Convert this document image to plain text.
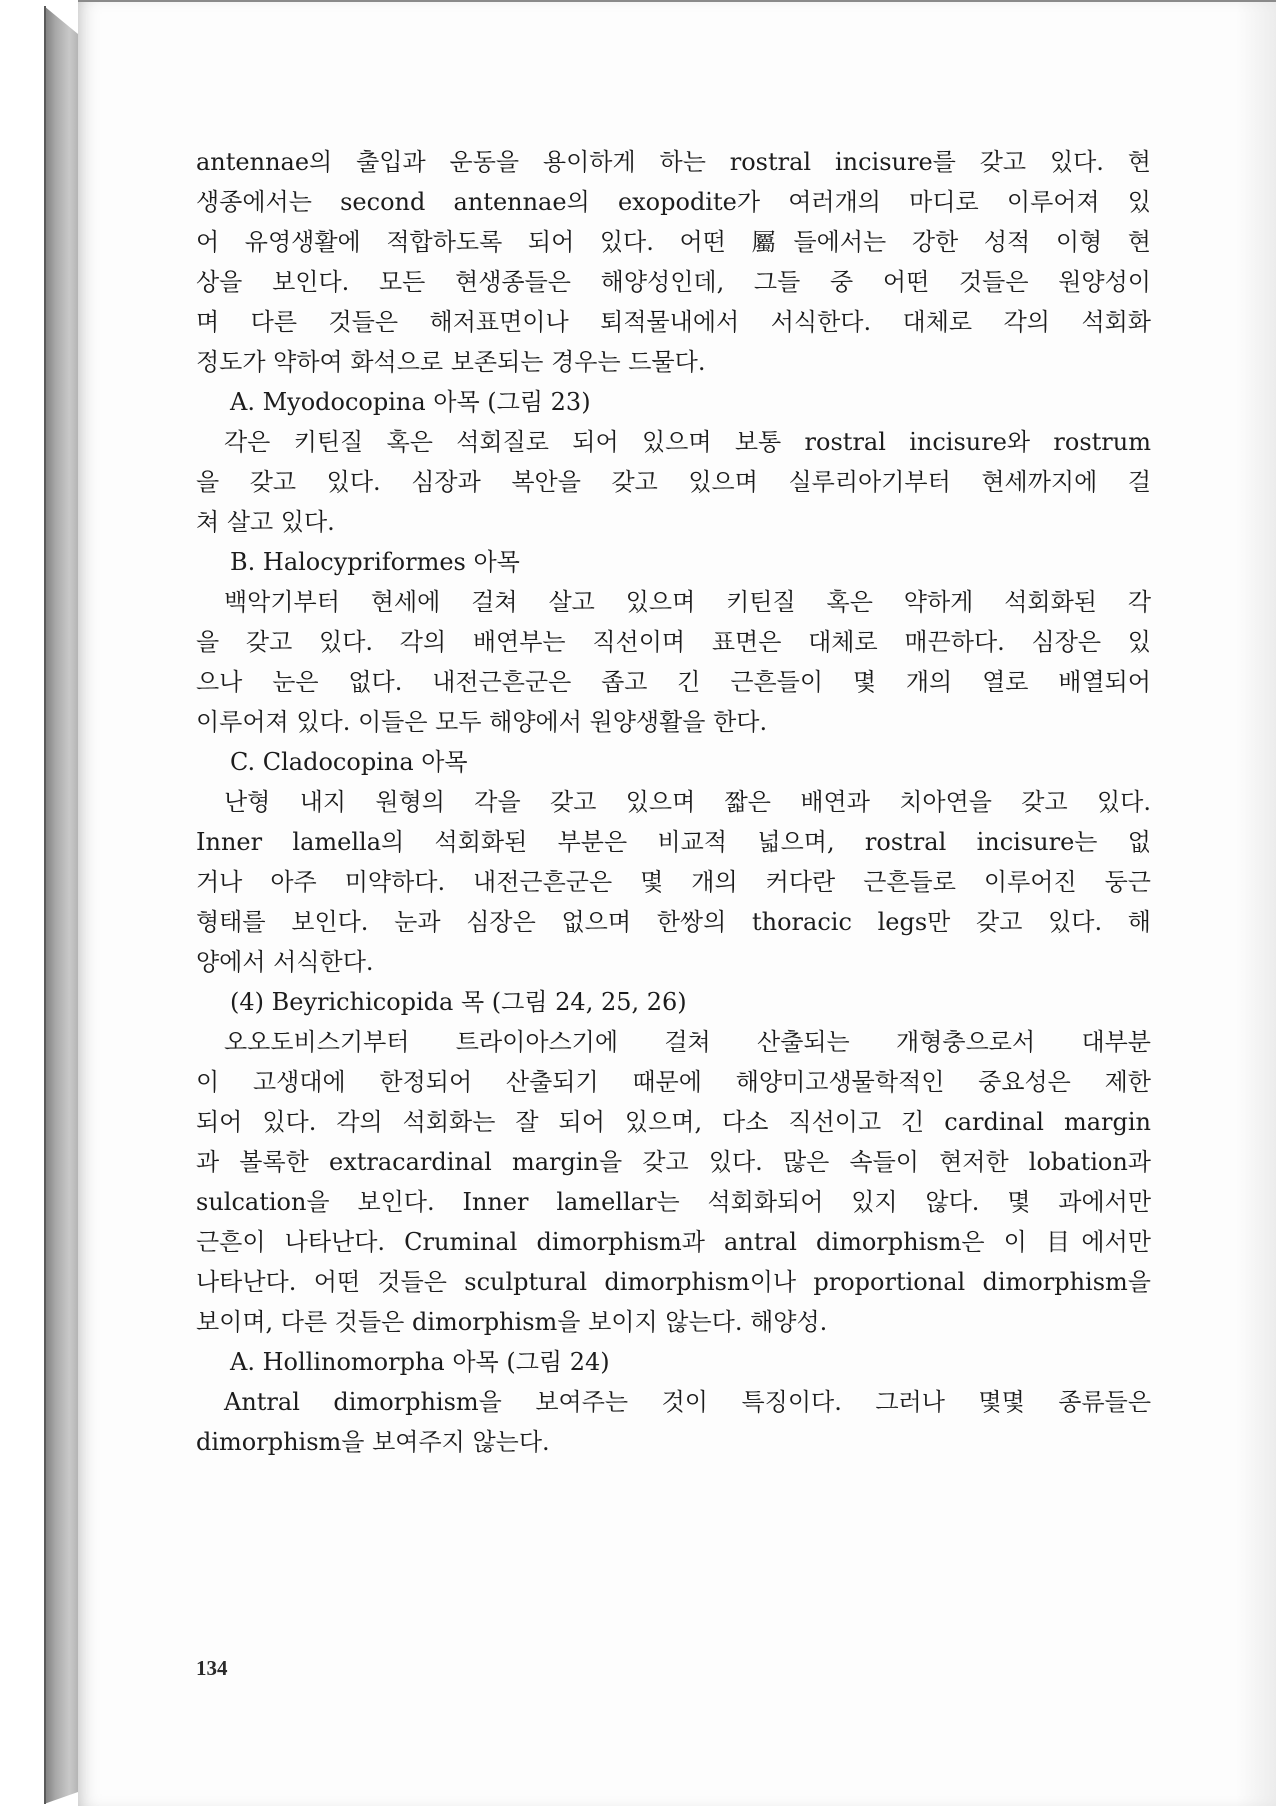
antennae의 출입과 운동을 용이하게 하는 rostral incisure를 갖고 있다. 현
생종에서는 second antennae의 exopodite가 여러개의 마디로 이루어져 있
어 유영생활에 적합하도록 되어 있다. 어떤 屬들에서는 강한 성적 이형 현
상을 보인다. 모든 현생종들은 해양성인데, 그들 중 어떤 것들은 원양성이
며 다른 것들은 해저표면이나 퇴적물내에서 서식한다. 대체로 각의 석회화
정도가 약하여 화석으로 보존되는 경우는 드물다.
A. Myodocopina 아목 (그림 23)
각은 키틴질 혹은 석회질로 되어 있으며 보통 rostral incisure와 rostrum
을 갖고 있다. 심장과 복안을 갖고 있으며 실루리아기부터 현세까지에 걸
쳐 살고 있다.
B. Halocypriformes 아목
백악기부터 현세에 걸쳐 살고 있으며 키틴질 혹은 약하게 석회화된 각
을 갖고 있다. 각의 배연부는 직선이며 표면은 대체로 매끈하다. 심장은 있
으나 눈은 없다. 내전근흔군은 좁고 긴 근흔들이 몇 개의 열로 배열되어
이루어져 있다. 이들은 모두 해양에서 원양생활을 한다.
C. Cladocopina 아목
난형 내지 원형의 각을 갖고 있으며 짧은 배연과 치아연을 갖고 있다.
Inner lamella의 석회화된 부분은 비교적 넓으며, rostral incisure는 없
거나 아주 미약하다. 내전근흔군은 몇 개의 커다란 근흔들로 이루어진 둥근
형태를 보인다. 눈과 심장은 없으며 한쌍의 thoracic legs만 갖고 있다. 해
양에서 서식한다.
(4) Beyrichicopida 목 (그림 24, 25, 26)
오오도비스기부터 트라이아스기에 걸쳐 산출되는 개형충으로서 대부분
이 고생대에 한정되어 산출되기 때문에 해양미고생물학적인 중요성은 제한
되어 있다. 각의 석회화는 잘 되어 있으며, 다소 직선이고 긴 cardinal margin
과 볼록한 extracardinal margin을 갖고 있다. 많은 속들이 현저한 lobation과
sulcation을 보인다. Inner lamellar는 석회화되어 있지 않다. 몇 과에서만
근흔이 나타난다. Cruminal dimorphism과 antral dimorphism은 이 目에서만
나타난다. 어떤 것들은 sculptural dimorphism이나 proportional dimorphism을
보이며, 다른 것들은 dimorphism을 보이지 않는다. 해양성.
A. Hollinomorpha 아목 (그림 24)
Antral dimorphism을 보여주는 것이 특징이다. 그러나 몇몇 종류들은
dimorphism을 보여주지 않는다.
134
